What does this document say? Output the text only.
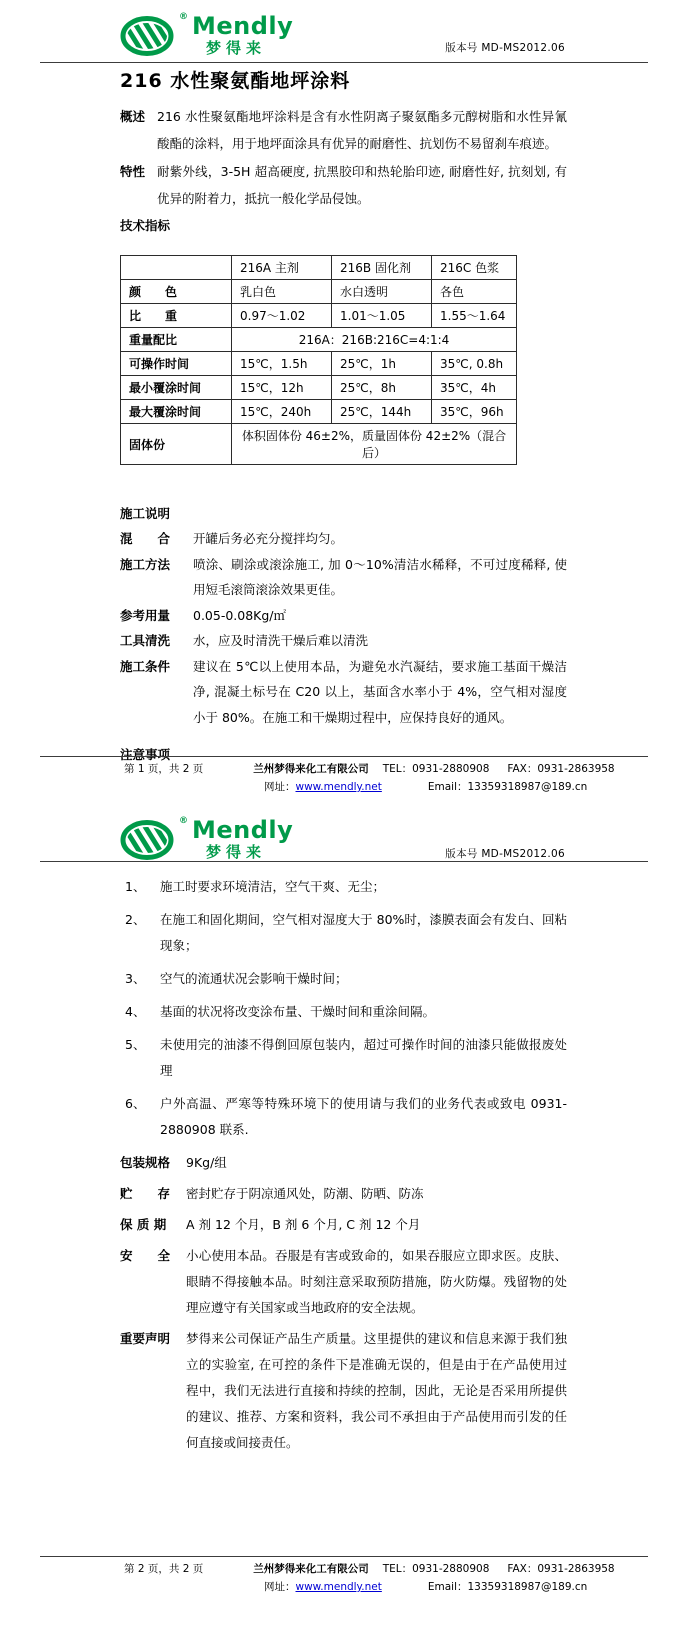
® Mendly
梦得来	版本号 MD-MS2012.06
216 水性聚氨酯地坪涂料
概述 216 水性聚氨酯地坪涂料是含有水性阴离子聚氨酯多元醇树脂和水性异氰酸酯的涂料，用于地坪面涂具有优异的耐磨性、抗划伤不易留刹车痕迹。
特性 耐紫外线，3-5H 超高硬度, 抗黑胶印和热轮胎印迹, 耐磨性好, 抗刻划, 有优异的附着力，抵抗一般化学品侵蚀。
技术指标
	216A 主剂	216B 固化剂	216C 色浆
颜　　色	乳白色	水白透明	各色
比　　重	0.97～1.02	1.01～1.05	1.55～1.64
重量配比	216A：216B:216C=4:1:4		
可操作时间	15℃，1.5h	25℃，1h	35℃, 0.8h
最小覆涂时间	15℃，12h	25℃，8h	35℃，4h
最大覆涂时间	15℃，240h	25℃，144h	35℃，96h
固体份	体积固体份 46±2%，质量固体份 42±2%（混合后）		
施工说明
混　　合	开罐后务必充分搅拌均匀。
施工方法	喷涂、刷涂或滚涂施工, 加 0～10%清洁水稀释，不可过度稀释, 使用短毛滚筒滚涂效果更佳。
参考用量	0.05-0.08Kg/㎡
工具清洗	水，应及时清洗干燥后难以清洗
施工条件	建议在 5℃以上使用本品，为避免水汽凝结，要求施工基面干燥洁净, 混凝土标号在 C20 以上，基面含水率小于 4%，空气相对湿度小于 80%。在施工和干燥期过程中，应保持良好的通风。
注意事项
第 1 页，共 2 页	兰州梦得来化工有限公司 TEL：0931-2880908 FAX：0931-2863958
网址：www.mendly.net	Email：13359318987@189.cn
® Mendly
梦得来	版本号 MD-MS2012.06
1、	施工时要求环境清洁，空气干爽、无尘；
2、	在施工和固化期间，空气相对湿度大于 80%时，漆膜表面会有发白、回粘现象；
3、	空气的流通状况会影响干燥时间；
4、	基面的状况将改变涂布量、干燥时间和重涂间隔。
5、	未使用完的油漆不得倒回原包装内，超过可操作时间的油漆只能做报废处理
6、	户外高温、严寒等特殊环境下的使用请与我们的业务代表或致电 0931-2880908 联系.
包装规格	9Kg/组
贮　　存	密封贮存于阴凉通风处，防潮、防晒、防冻
保 质 期	A 剂 12 个月，B 剂 6 个月, C 剂 12 个月
安　　全	小心使用本品。吞服是有害或致命的，如果吞服应立即求医。皮肤、眼睛不得接触本品。时刻注意采取预防措施，防火防爆。残留物的处理应遵守有关国家或当地政府的安全法规。
重要声明	梦得来公司保证产品生产质量。这里提供的建议和信息来源于我们独立的实验室, 在可控的条件下是准确无误的，但是由于在产品使用过程中，我们无法进行直接和持续的控制，因此，无论是否采用所提供的建议、推荐、方案和资料，我公司不承担由于产品使用而引发的任何直接或间接责任。
第 2 页，共 2 页	兰州梦得来化工有限公司 TEL：0931-2880908 FAX：0931-2863958
网址：www.mendly.net	Email：13359318987@189.cn
